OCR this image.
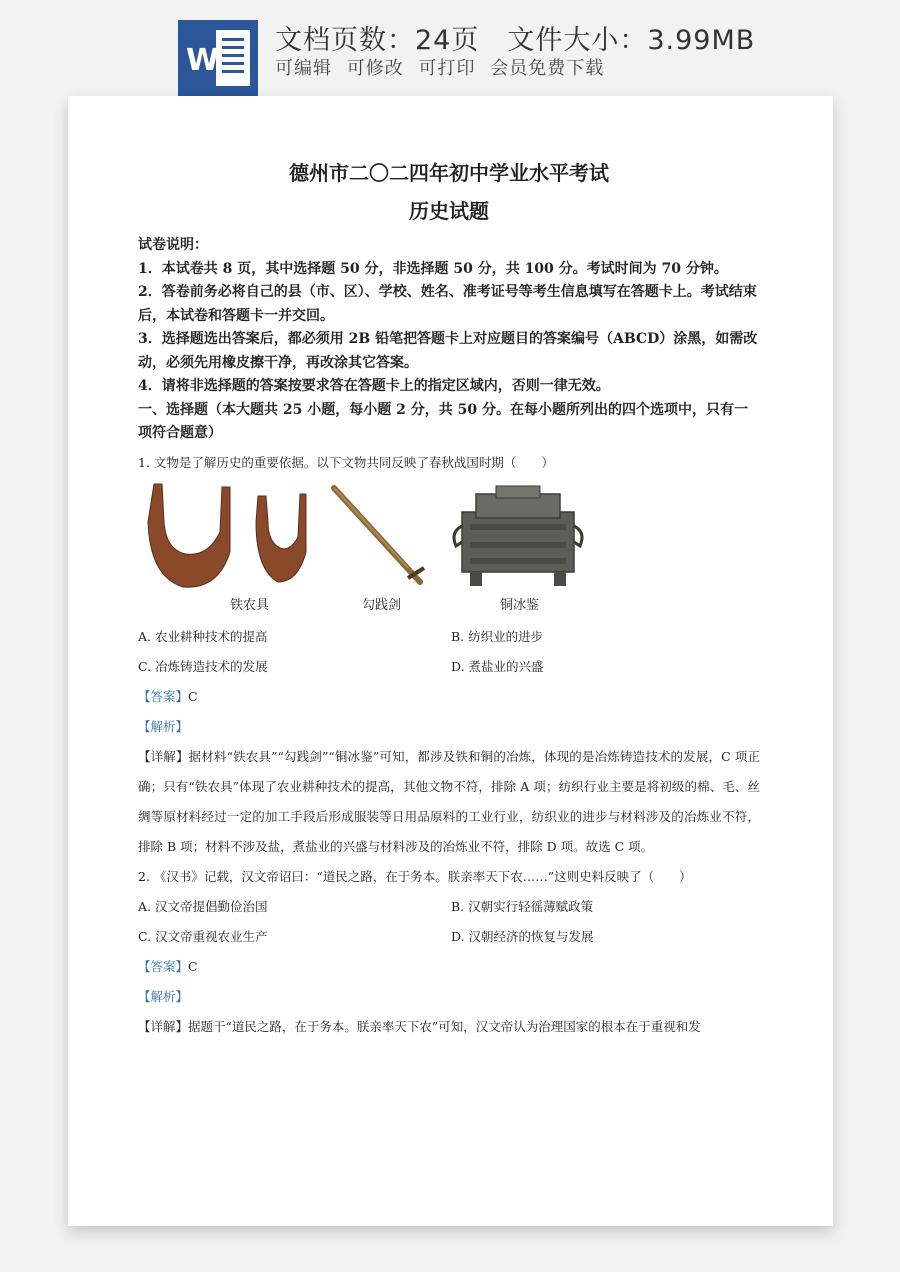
W
文档页数：24页 文件大小：3.99MB
可编辑 可修改 可打印 会员免费下载
德州市二〇二四年初中学业水平考试
历史试题

试卷说明：

1．本试卷共 8 页，其中选择题 50 分，非选择题 50 分，共 100 分。考试时间为 70 分钟。

2．答卷前务必将自己的县（市、区）、学校、姓名、准考证号等考生信息填写在答题卡上。考试结束后，本试卷和答题卡一并交回。

3．选择题选出答案后，都必须用 2B 铅笔把答题卡上对应题目的答案编号（ABCD）涂黑，如需改动，必须先用橡皮擦干净，再改涂其它答案。

4．请将非选择题的答案按要求答在答题卡上的指定区域内，否则一律无效。

一、选择题（本大题共 25 小题，每小题 2 分，共 50 分。在每小题所列出的四个选项中，只有一项符合题意）

1. 文物是了解历史的重要依据。以下文物共同反映了春秋战国时期（　　）

铁农具	勾践剑	铜冰鉴
A. 农业耕种技术的提高	B. 纺织业的进步
C. 冶炼铸造技术的发展	D. 煮盐业的兴盛

【答案】C

【解析】

【详解】据材料“铁农具”“勾践剑”“铜冰鉴”可知，都涉及铁和铜的冶炼，体现的是冶炼铸造技术的发展，C 项正确；只有“铁农具”体现了农业耕种技术的提高，其他文物不符，排除 A 项；纺织行业主要是将初级的棉、毛、丝绸等原材料经过一定的加工手段后形成服装等日用品原料的工业行业，纺织业的进步与材料涉及的冶炼业不符，排除 B 项；材料不涉及盐，煮盐业的兴盛与材料涉及的冶炼业不符，排除 D 项。故选 C 项。

2. 《汉书》记载，汉文帝诏曰：“道民之路，在于务本。朕亲率天下农……”这则史料反映了（　　）

A. 汉文帝提倡勤俭治国	B. 汉朝实行轻徭薄赋政策
C. 汉文帝重视农业生产	D. 汉朝经济的恢复与发展

【答案】C

【解析】

【详解】据题干“道民之路，在于务本。朕亲率天下农”可知，汉文帝认为治理国家的根本在于重视和发
